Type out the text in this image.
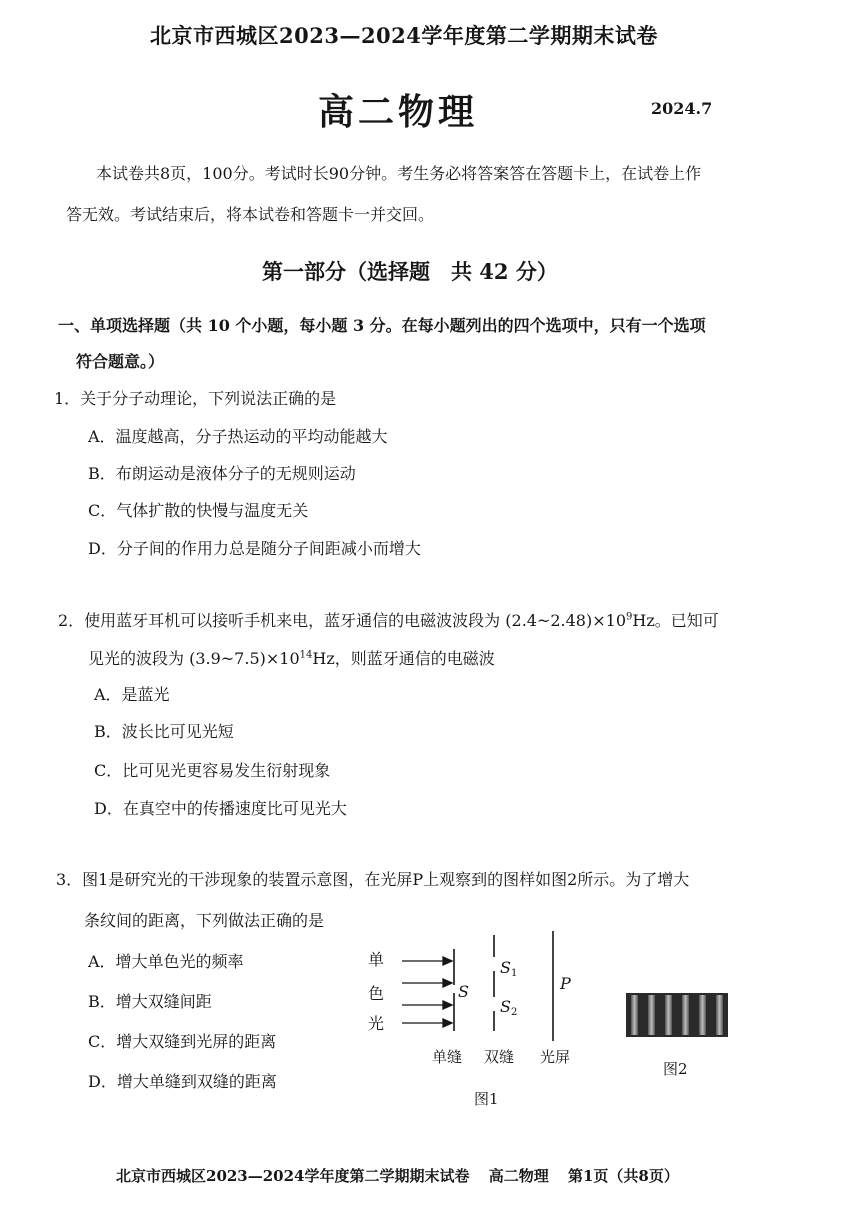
北京市西城区2023—2024学年度第二学期期末试卷
高二物理	2024.7
本试卷共8页，100分。考试时长90分钟。考生务必将答案答在答题卡上，在试卷上作
答无效。考试结束后，将本试卷和答题卡一并交回。
第一部分（选择题　共 42 分）
一、单项选择题（共 10 个小题，每小题 3 分。在每小题列出的四个选项中，只有一个选项
符合题意。）
1．关于分子动理论，下列说法正确的是
A．温度越高，分子热运动的平均动能越大
B．布朗运动是液体分子的无规则运动
C．气体扩散的快慢与温度无关
D．分子间的作用力总是随分子间距减小而增大
2．使用蓝牙耳机可以接听手机来电，蓝牙通信的电磁波波段为 $(2.4\sim 2.48)\times 10^9Hz$。已知可
见光的波段为 $(3.9\sim 7.5)\times 10^{14}Hz$，则蓝牙通信的电磁波
A．是蓝光
B．波长比可见光短
C．比可见光更容易发生衍射现象
D．在真空中的传播速度比可见光大
3．图1是研究光的干涉现象的装置示意图，在光屏P上观察到的图样如图2所示。为了增大
条纹间的距离，下列做法正确的是
A．增大单色光的频率
B．增大双缝间距
C．增大双缝到光屏的距离
D．增大单缝到双缝的距离
单
色
光
S
S1
S2
P
单缝 双缝 光屏
图1
图2
北京市西城区2023—2024学年度第二学期期末试卷 高二物理 第1页（共8页）
